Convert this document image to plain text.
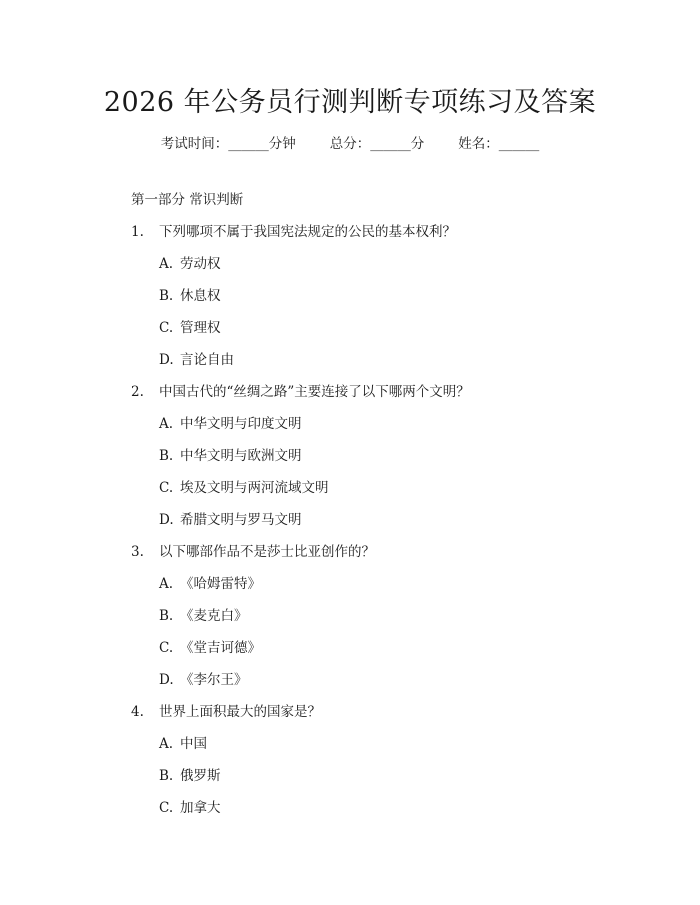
2026 年公务员行测判断专项练习及答案
考试时间：______分钟	总分：______分	姓名：______
第一部分 常识判断
1.	下列哪项不属于我国宪法规定的公民的基本权利？
A. 劳动权
B. 休息权
C. 管理权
D. 言论自由
2.	中国古代的“丝绸之路”主要连接了以下哪两个文明？
A. 中华文明与印度文明
B. 中华文明与欧洲文明
C. 埃及文明与两河流域文明
D. 希腊文明与罗马文明
3.	以下哪部作品不是莎士比亚创作的？
A. 《哈姆雷特》
B. 《麦克白》
C. 《堂吉诃德》
D. 《李尔王》
4.	世界上面积最大的国家是？
A. 中国
B. 俄罗斯
C. 加拿大
